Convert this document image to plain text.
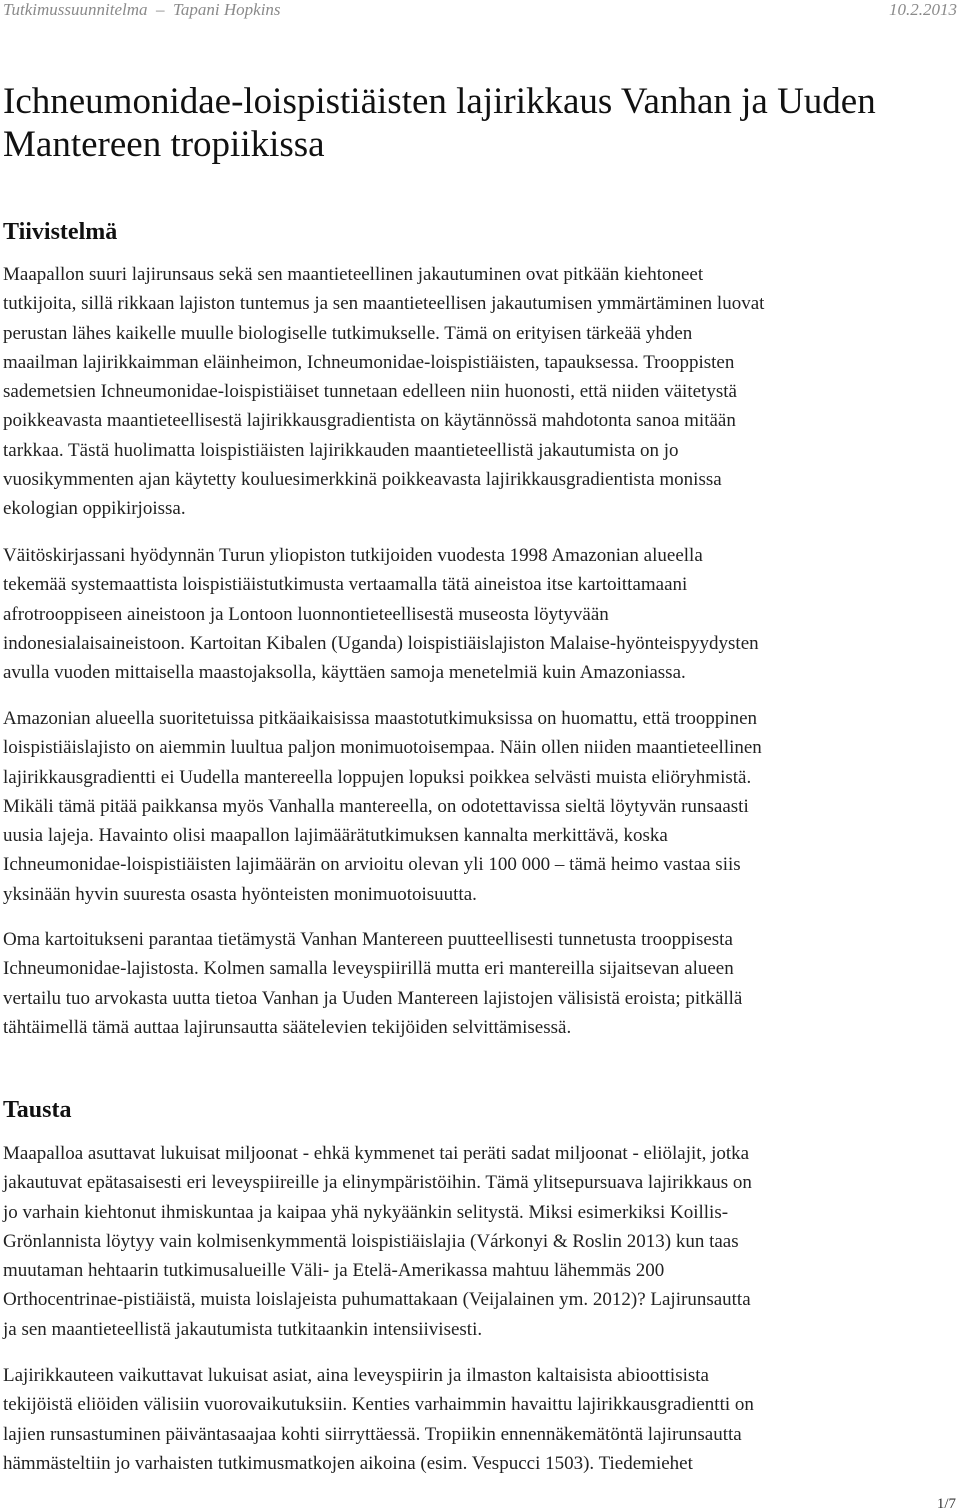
Tutkimussuunnitelma  –  Tapani Hopkins	10.2.2013
Ichneumonidae-loispistiäisten lajirikkaus Vanhan ja Uuden
Mantereen tropiikissa
Tiivistelmä
Maapallon suuri lajirunsaus sekä sen maantieteellinen jakautuminen ovat pitkään kiehtoneet
tutkijoita, sillä rikkaan lajiston tuntemus ja sen maantieteellisen jakautumisen ymmärtäminen luovat
perustan lähes kaikelle muulle biologiselle tutkimukselle. Tämä on erityisen tärkeää yhden
maailman lajirikkaimman eläinheimon, Ichneumonidae-loispistiäisten, tapauksessa. Trooppisten
sademetsien Ichneumonidae-loispistiäiset tunnetaan edelleen niin huonosti, että niiden väitetystä
poikkeavasta maantieteellisestä lajirikkausgradientista on käytännössä mahdotonta sanoa mitään
tarkkaa. Tästä huolimatta loispistiäisten lajirikkauden maantieteellistä jakautumista on jo
vuosikymmenten ajan käytetty kouluesimerkkinä poikkeavasta lajirikkausgradientista monissa
ekologian oppikirjoissa.
Väitöskirjassani hyödynnän Turun yliopiston tutkijoiden vuodesta 1998 Amazonian alueella
tekemää systemaattista loispistiäistutkimusta vertaamalla tätä aineistoa itse kartoittamaani
afrotrooppiseen aineistoon ja Lontoon luonnontieteellisestä museosta löytyvään
indonesialaisaineistoon. Kartoitan Kibalen (Uganda) loispistiäislajiston Malaise-hyönteispyydysten
avulla vuoden mittaisella maastojaksolla, käyttäen samoja menetelmiä kuin Amazoniassa.
Amazonian alueella suoritetuissa pitkäaikaisissa maastotutkimuksissa on huomattu, että trooppinen
loispistiäislajisto on aiemmin luultua paljon monimuotoisempaa. Näin ollen niiden maantieteellinen
lajirikkausgradientti ei Uudella mantereella loppujen lopuksi poikkea selvästi muista eliöryhmistä.
Mikäli tämä pitää paikkansa myös Vanhalla mantereella, on odotettavissa sieltä löytyvän runsaasti
uusia lajeja. Havainto olisi maapallon lajimäärätutkimuksen kannalta merkittävä, koska
Ichneumonidae-loispistiäisten lajimäärän on arvioitu olevan yli 100 000 – tämä heimo vastaa siis
yksinään hyvin suuresta osasta hyönteisten monimuotoisuutta.
Oma kartoitukseni parantaa tietämystä Vanhan Mantereen puutteellisesti tunnetusta trooppisesta
Ichneumonidae-lajistosta. Kolmen samalla leveyspiirillä mutta eri mantereilla sijaitsevan alueen
vertailu tuo arvokasta uutta tietoa Vanhan ja Uuden Mantereen lajistojen välisistä eroista; pitkällä
tähtäimellä tämä auttaa lajirunsautta säätelevien tekijöiden selvittämisessä.
Tausta
Maapalloa asuttavat lukuisat miljoonat - ehkä kymmenet tai peräti sadat miljoonat - eliölajit, jotka
jakautuvat epätasaisesti eri leveyspiireille ja elinympäristöihin. Tämä ylitsepursuava lajirikkaus on
jo varhain kiehtonut ihmiskuntaa ja kaipaa yhä nykyäänkin selitystä. Miksi esimerkiksi Koillis-
Grönlannista löytyy vain kolmisenkymmentä loispistiäislajia (Várkonyi & Roslin 2013) kun taas
muutaman hehtaarin tutkimusalueille Väli- ja Etelä-Amerikassa mahtuu lähemmäs 200
Orthocentrinae-pistiäistä, muista loislajeista puhumattakaan (Veijalainen ym. 2012)? Lajirunsautta
ja sen maantieteellistä jakautumista tutkitaankin intensiivisesti.
Lajirikkauteen vaikuttavat lukuisat asiat, aina leveyspiirin ja ilmaston kaltaisista abioottisista
tekijöistä eliöiden välisiin vuorovaikutuksiin. Kenties varhaimmin havaittu lajirikkausgradientti on
lajien runsastuminen päiväntasaajaa kohti siirryttäessä. Tropiikin ennennäkemätöntä lajirunsautta
hämmästeltiin jo varhaisten tutkimusmatkojen aikoina (esim. Vespucci 1503). Tiedemiehet
1/7
